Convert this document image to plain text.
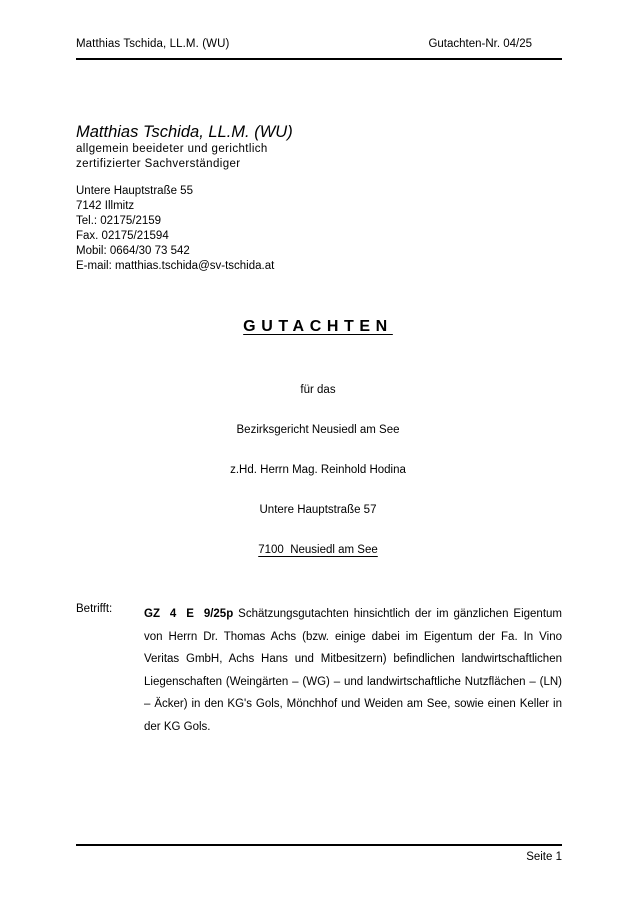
Matthias Tschida, LL.M. (WU)	Gutachten-Nr. 04/25
Matthias Tschida, LL.M. (WU)
allgemein beeideter und gerichtlich
zertifizierter Sachverständiger
Untere Hauptstraße 55
7142 Illmitz
Tel.: 02175/2159
Fax. 02175/21594
Mobil: 0664/30 73 542
E-mail: matthias.tschida@sv-tschida.at
GUTACHTEN
für das
Bezirksgericht Neusiedl am See
z.Hd. Herrn Mag. Reinhold Hodina
Untere Hauptstraße 57
7100  Neusiedl am See
Betrifft:	GZ 4 E 9/25p Schätzungsgutachten hinsichtlich der im gänzlichen Eigentum von Herrn Dr. Thomas Achs (bzw. einige dabei im Eigentum der Fa. In Vino Veritas GmbH, Achs Hans und Mitbesitzern) befindlichen landwirtschaftlichen Liegenschaften (Weingärten – (WG) – und landwirtschaftliche Nutzflächen – (LN) – Äcker) in den KG's Gols, Mönchhof und Weiden am See, sowie einen Keller in der KG Gols.
Seite 1
